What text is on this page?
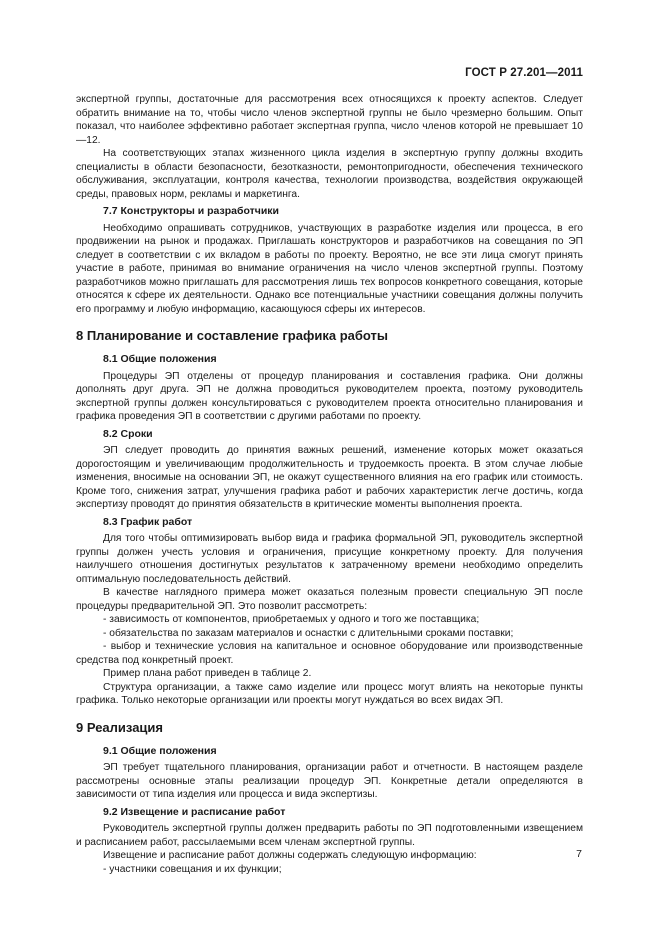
ГОСТ Р 27.201—2011
экспертной группы, достаточные для рассмотрения всех относящихся к проекту аспектов. Следует обратить внимание на то, чтобы число членов экспертной группы не было чрезмерно большим. Опыт показал, что наиболее эффективно работает экспертная группа, число членов которой не превышает 10—12.
На соответствующих этапах жизненного цикла изделия в экспертную группу должны входить специалисты в области безопасности, безотказности, ремонтопригодности, обеспечения технического обслуживания, эксплуатации, контроля качества, технологии производства, воздействия окружающей среды, правовых норм, рекламы и маркетинга.
7.7 Конструкторы и разработчики
Необходимо опрашивать сотрудников, участвующих в разработке изделия или процесса, в его продвижении на рынок и продажах. Приглашать конструкторов и разработчиков на совещания по ЭП следует в соответствии с их вкладом в работы по проекту. Вероятно, не все эти лица смогут принять участие в работе, принимая во внимание ограничения на число членов экспертной группы. Поэтому разработчиков можно приглашать для рассмотрения лишь тех вопросов конкретного совещания, которые относятся к сфере их деятельности. Однако все потенциальные участники совещания должны получить его программу и любую информацию, касающуюся сферы их интересов.
8 Планирование и составление графика работы
8.1 Общие положения
Процедуры ЭП отделены от процедур планирования и составления графика. Они должны дополнять друг друга. ЭП не должна проводиться руководителем проекта, поэтому руководитель экспертной группы должен консультироваться с руководителем проекта относительно планирования и графика проведения ЭП в соответствии с другими работами по проекту.
8.2 Сроки
ЭП следует проводить до принятия важных решений, изменение которых может оказаться дорогостоящим и увеличивающим продолжительность и трудоемкость проекта. В этом случае любые изменения, вносимые на основании ЭП, не окажут существенного влияния на его график или стоимость. Кроме того, снижения затрат, улучшения графика работ и рабочих характеристик легче достичь, когда экспертизу проводят до принятия обязательств в критические моменты выполнения проекта.
8.3 График работ
Для того чтобы оптимизировать выбор вида и графика формальной ЭП, руководитель экспертной группы должен учесть условия и ограничения, присущие конкретному проекту. Для получения наилучшего отношения достигнутых результатов к затраченному времени необходимо определить оптимальную последовательность действий.
В качестве наглядного примера может оказаться полезным провести специальную ЭП после процедуры предварительной ЭП. Это позволит рассмотреть:
- зависимость от компонентов, приобретаемых у одного и того же поставщика;
- обязательства по заказам материалов и оснастки с длительными сроками поставки;
- выбор и технические условия на капитальное и основное оборудование или производственные средства под конкретный проект.
Пример плана работ приведен в таблице 2.
Структура организации, а также само изделие или процесс могут влиять на некоторые пункты графика. Только некоторые организации или проекты могут нуждаться во всех видах ЭП.
9 Реализация
9.1 Общие положения
ЭП требует тщательного планирования, организации работ и отчетности. В настоящем разделе рассмотрены основные этапы реализации процедур ЭП. Конкретные детали определяются в зависимости от типа изделия или процесса и вида экспертизы.
9.2 Извещение и расписание работ
Руководитель экспертной группы должен предварить работы по ЭП подготовленными извещением и расписанием работ, рассылаемыми всем членам экспертной группы.
Извещение и расписание работ должны содержать следующую информацию:
- участники совещания и их функции;
7
